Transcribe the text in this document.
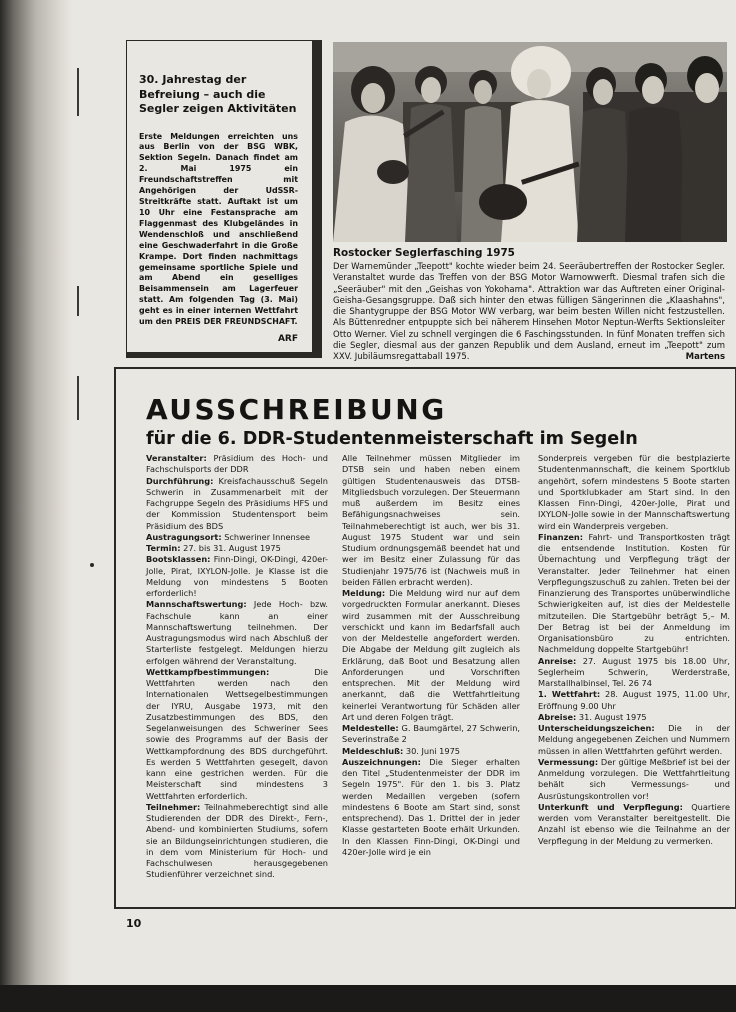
30. Jahrestag der Befreiung – auch die Segler zeigen Aktivitäten

Erste Meldungen erreichten uns aus Berlin von der BSG WBK, Sektion Segeln. Danach findet am 2. Mai 1975 ein Freundschaftstreffen mit Angehörigen der UdSSR-Streitkräfte statt. Auftakt ist um 10 Uhr eine Festansprache am Flaggenmast des Klubgeländes in Wendenschloß und anschließend eine Geschwaderfahrt in die Große Krampe. Dort finden nachmittags gemeinsame sportliche Spiele und am Abend ein geselliges Beisammensein am Lagerfeuer statt. Am folgenden Tag (3. Mai) geht es in einer internen Wettfahrt um den PREIS DER FREUNDSCHAFT.

ARF

Rostocker Seglerfasching 1975

Der Warnemünder „Teepott" kochte wieder beim 24. Seeräubertreffen der Rostocker Segler. Veranstaltet wurde das Treffen von der BSG Motor Warnowwerft. Diesmal trafen sich die „Seeräuber" mit den „Geishas von Yokohama". Attraktion war das Auftreten einer Original-Geisha-Gesangsgruppe. Daß sich hinter den etwas fülligen Sängerinnen die „Klaashahns", die Shantygruppe der BSG Motor WW verbarg, war beim besten Willen nicht festzustellen. Als Büttenredner entpuppte sich bei näherem Hinsehen Motor Neptun-Werfts Sektionsleiter Otto Werner. Viel zu schnell vergingen die 6 Faschingsstunden. In fünf Monaten treffen sich die Segler, diesmal aus der ganzen Republik und dem Ausland, erneut im „Teepott" zum XXV. Jubiläumsregattaball 1975.	Martens

AUSSCHREIBUNG
für die 6. DDR-Studentenmeisterschaft im Segeln

Veranstalter: Präsidium des Hoch- und Fachschulsports der DDR

Durchführung: Kreisfachausschuß Segeln Schwerin in Zusammenarbeit mit der Fachgruppe Segeln des Präsidiums HFS und der Kommission Studentensport beim Präsidium des BDS

Austragungsort: Schweriner Innensee

Termin: 27. bis 31. August 1975

Bootsklassen: Finn-Dingi, OK-Dingi, 420er-Jolle, Pirat, IXYLON-Jolle. Je Klasse ist die Meldung von mindestens 5 Booten erforderlich!

Mannschaftswertung: Jede Hoch- bzw. Fachschule kann an einer Mannschaftswertung teilnehmen. Der Austragungsmodus wird nach Abschluß der Starterliste festgelegt. Meldungen hierzu erfolgen während der Veranstaltung.

Wettkampfbestimmungen: Die Wettfahrten werden nach den Internationalen Wettsegelbestimmungen der IYRU, Ausgabe 1973, mit den Zusatzbestimmungen des BDS, den Segelanweisungen des Schweriner Sees sowie des Programms auf der Basis der Wettkampfordnung des BDS durchgeführt. Es werden 5 Wettfahrten gesegelt, davon kann eine gestrichen werden. Für die Meisterschaft sind mindestens 3 Wettfahrten erforderlich.

Teilnehmer: Teilnahmeberechtigt sind alle Studierenden der DDR des Direkt-, Fern-, Abend- und kombinierten Studiums, sofern sie an Bildungseinrichtungen studieren, die in dem vom Ministerium für Hoch- und Fachschulwesen herausgegebenen Studienführer verzeichnet sind.

Alle Teilnehmer müssen Mitglieder im DTSB sein und haben neben einem gültigen Studentenausweis das DTSB-Mitgliedsbuch vorzulegen. Der Steuermann muß außerdem im Besitz eines Befähigungsnachweises sein. Teilnahmeberechtigt ist auch, wer bis 31. August 1975 Student war und sein Studium ordnungsgemäß beendet hat und wer im Besitz einer Zulassung für das Studienjahr 1975/76 ist (Nachweis muß in beiden Fällen erbracht werden).

Meldung: Die Meldung wird nur auf dem vorgedruckten Formular anerkannt. Dieses wird zusammen mit der Ausschreibung verschickt und kann im Bedarfsfall auch von der Meldestelle angefordert werden. Die Abgabe der Meldung gilt zugleich als Erklärung, daß Boot und Besatzung allen Anforderungen und Vorschriften entsprechen. Mit der Meldung wird anerkannt, daß die Wettfahrtleitung keinerlei Verantwortung für Schäden aller Art und deren Folgen trägt.

Meldestelle: G. Baumgärtel, 27 Schwerin, Severinstraße 2

Meldeschluß: 30. Juni 1975

Auszeichnungen: Die Sieger erhalten den Titel „Studentenmeister der DDR im Segeln 1975". Für den 1. bis 3. Platz werden Medaillen vergeben (sofern mindestens 6 Boote am Start sind, sonst entsprechend). Das 1. Drittel der in jeder Klasse gestarteten Boote erhält Urkunden. In den Klassen Finn-Dingi, OK-Dingi und 420er-Jolle wird je ein

Sonderpreis vergeben für die bestplazierte Studentenmannschaft, die keinem Sportklub angehört, sofern mindestens 5 Boote starten und Sportklubkader am Start sind. In den Klassen Finn-Dingi, 420er-Jolle, Pirat und IXYLON-Jolle sowie in der Mannschaftswertung wird ein Wanderpreis vergeben.

Finanzen: Fahrt- und Transportkosten trägt die entsendende Institution. Kosten für Übernachtung und Verpflegung trägt der Veranstalter. Jeder Teilnehmer hat einen Verpflegungszuschuß zu zahlen. Treten bei der Finanzierung des Transportes unüberwindliche Schwierigkeiten auf, ist dies der Meldestelle mitzuteilen. Die Startgebühr beträgt 5,– M. Der Betrag ist bei der Anmeldung im Organisationsbüro zu entrichten. Nachmeldung doppelte Startgebühr!

Anreise: 27. August 1975 bis 18.00 Uhr, Seglerheim Schwerin, Werderstraße, Marstallhalbinsel, Tel. 26 74

1. Wettfahrt: 28. August 1975, 11.00 Uhr, Eröffnung 9.00 Uhr

Abreise: 31. August 1975

Unterscheidungszeichen: Die in der Meldung angegebenen Zeichen und Nummern müssen in allen Wettfahrten geführt werden.

Vermessung: Der gültige Meßbrief ist bei der Anmeldung vorzulegen. Die Wettfahrtleitung behält sich Vermessungs- und Ausrüstungskontrollen vor!

Unterkunft und Verpflegung: Quartiere werden vom Veranstalter bereitgestellt. Die Anzahl ist ebenso wie die Teilnahme an der Verpflegung in der Meldung zu vermerken.

10
